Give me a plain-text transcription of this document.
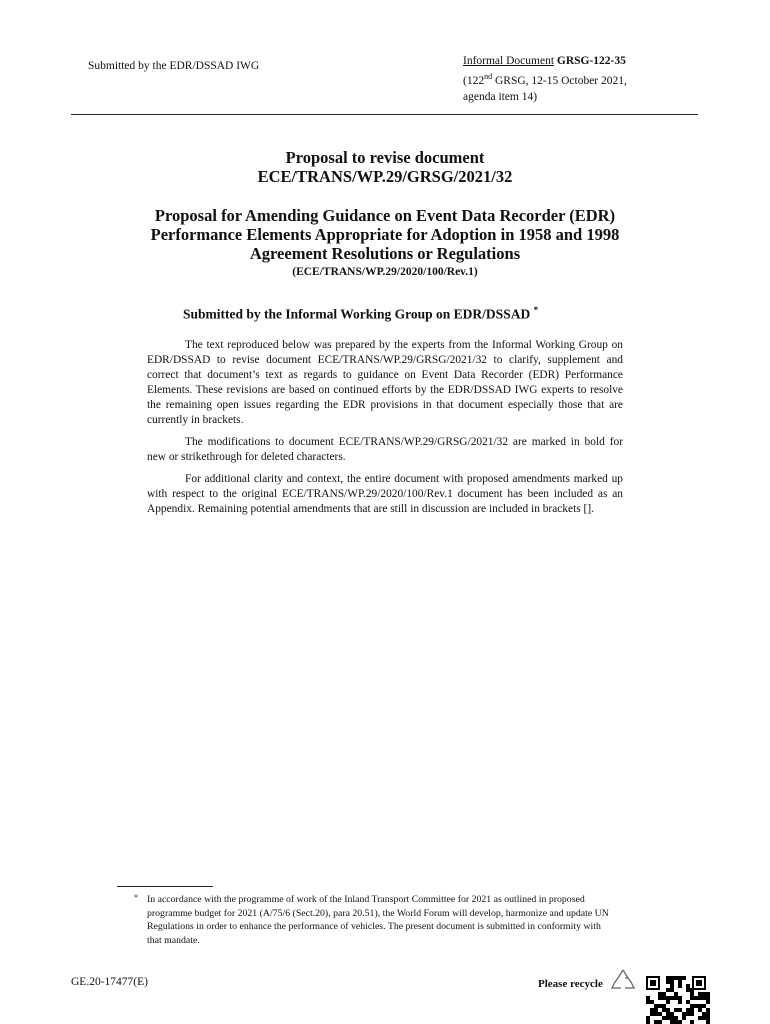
Submitted by the EDR/DSSAD IWG	Informal Document GRSG-122-35
(122nd GRSG, 12-15 October 2021,
agenda item 14)
Proposal to revise document
ECE/TRANS/WP.29/GRSG/2021/32
Proposal for Amending Guidance on Event Data Recorder (EDR)
Performance Elements Appropriate for Adoption in 1958 and 1998
Agreement Resolutions or Regulations
(ECE/TRANS/WP.29/2020/100/Rev.1)
Submitted by the Informal Working Group on EDR/DSSAD *

The text reproduced below was prepared by the experts from the Informal Working Group on EDR/DSSAD to revise document ECE/TRANS/WP.29/GRSG/2021/32 to clarify, supplement and correct that document’s text as regards to guidance on Event Data Recorder (EDR) Performance Elements. These revisions are based on continued efforts by the EDR/DSSAD IWG experts to resolve the remaining open issues regarding the EDR provisions in that document especially those that are currently in brackets.

The modifications to document ECE/TRANS/WP.29/GRSG/2021/32 are marked in bold for new or strikethrough for deleted characters.

For additional clarity and context, the entire document with proposed amendments marked up with respect to the original ECE/TRANS/WP.29/2020/100/Rev.1 document has been included as an Appendix. Remaining potential amendments that are still in discussion are included in brackets [].

* In accordance with the programme of work of the Inland Transport Committee for 2021 as outlined in proposed programme budget for 2021 (A/75/6 (Sect.20), para 20.51), the World Forum will develop, harmonize and update UN Regulations in order to enhance the performance of vehicles. The present document is submitted in conformity with that mandate.
GE.20-17477(E)	Please recycle
